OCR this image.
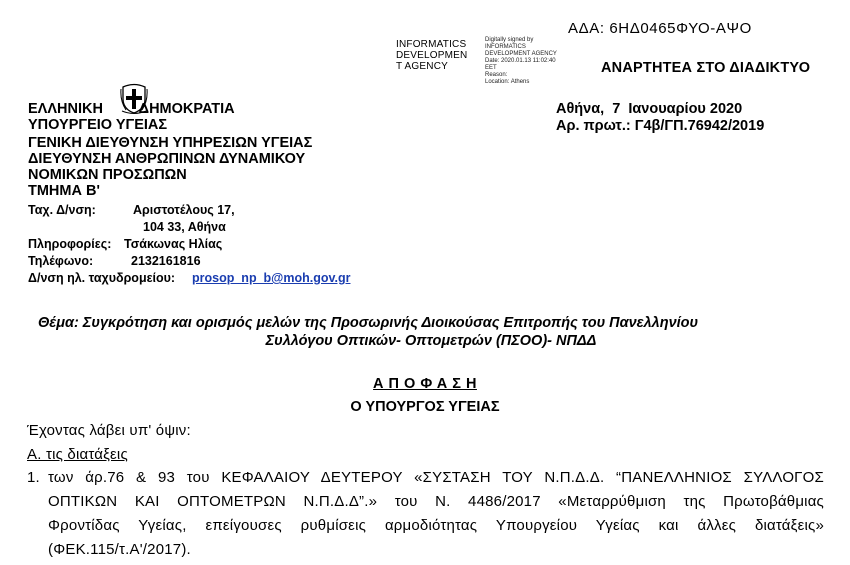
ΑΔΑ: 6ΗΔ0465ΦΥΟ-ΑΨΟ
INFORMATICS
DEVELOPMEN
T AGENCY
Digitally signed by
INFORMATICS
DEVELOPMENT AGENCY
Date: 2020.01.13 11:02:40
EET
Reason:
Location: Athens
ΑΝΑΡΤΗΤΕΑ ΣΤΟ ΔΙΑΔΙΚΤΥΟ
ΕΛΛΗΝΙΚΗ         ΔΗΜΟΚΡΑΤΙΑ
ΥΠΟΥΡΓΕΙΟ ΥΓΕΙΑΣ
ΓΕΝΙΚΗ ΔΙΕΥΘΥΝΣΗ ΥΠΗΡΕΣΙΩΝ ΥΓΕΙΑΣ
ΔΙΕΥΘΥΝΣΗ ΑΝΘΡΩΠΙΝΩΝ ΔΥΝΑΜΙΚΟΥ
ΝΟΜΙΚΩΝ ΠΡΟΣΩΠΩΝ
ΤΜΗΜΑ Β'
Αθήνα,  7  Ιανουαρίου 2020
Αρ. πρωτ.: Γ4β/ΓΠ.76942/2019
Ταχ. Δ/νση:	Αριστοτέλους 17,
104 33, Αθήνα
Πληροφορίες: Τσάκωνας Ηλίας
Τηλέφωνο:	2132161816
Δ/νση ηλ. ταχυδρομείου: prosop_np_b@moh.gov.gr
Θέμα: Συγκρότηση και ορισμός μελών της Προσωρινής Διοικούσας Επιτροπής του Πανελληνίου
Συλλόγου Οπτικών- Οπτομετρών (ΠΣΟΟ)- ΝΠΔΔ
Α Π Ο Φ Α Σ Η
Ο ΥΠΟΥΡΓΟΣ ΥΓΕΙΑΣ
Έχοντας λάβει υπ' όψιν:
Α. τις διατάξεις
1. των άρ.76 & 93 του ΚΕΦΑΛΑΙΟΥ ΔΕΥΤΕΡΟΥ «ΣΥΣΤΑΣΗ ΤΟΥ Ν.Π.Δ.Δ. “ΠΑΝΕΛΛΗΝΙΟΣ ΣΥΛΛΟΓΟΣ
ΟΠΤΙΚΩΝ ΚΑΙ ΟΠΤΟΜΕΤΡΩΝ Ν.Π.Δ.Δ”.» του Ν. 4486/2017 «Μεταρρύθμιση της Πρωτοβάθμιας
Φροντίδας Υγείας, επείγουσες ρυθμίσεις αρμοδιότητας Υπουργείου Υγείας και άλλες διατάξεις»
(ΦΕΚ.115/τ.Α'/2017).
